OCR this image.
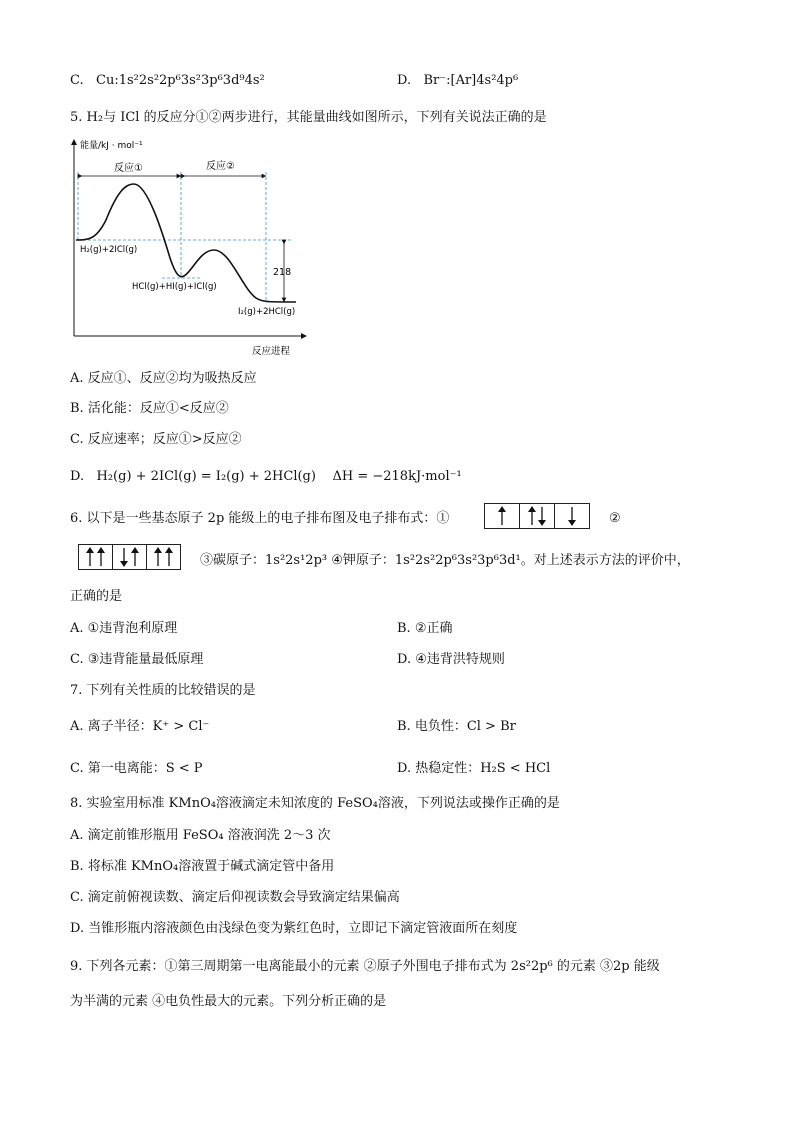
C. Cu:1s²2s²2p⁶3s²3p⁶3d⁹4s²	D. Br⁻:[Ar]4s²4p⁶
5. H₂与 ICl 的反应分①②两步进行，其能量曲线如图所示，下列有关说法正确的是
能量/kJ · mol⁻¹
反应进程
反应①	反应②
218
H₂(g)+2ICl(g)
HCl(g)+HI(g)+ICl(g)
I₂(g)+2HCl(g)
A. 反应①、反应②均为吸热反应
B. 活化能：反应①<反应②
C. 反应速率；反应①>反应②
D. H₂(g) + 2ICl(g) = I₂(g) + 2HCl(g) ΔH = −218kJ·mol⁻¹
6. 以下是一些基态原子 2p 能级上的电子排布图及电子排布式：①	②
③碳原子：1s²2s¹2p³ ④钾原子：1s²2s²2p⁶3s²3p⁶3d¹。对上述表示方法的评价中，
正确的是
A. ①违背泡利原理	B. ②正确
C. ③违背能量最低原理	D. ④违背洪特规则
7. 下列有关性质的比较错误的是
A. 离子半径：K⁺ > Cl⁻	B. 电负性：Cl > Br
C. 第一电离能：S < P	D. 热稳定性：H₂S < HCl
8. 实验室用标准 KMnO₄溶液滴定未知浓度的 FeSO₄溶液，下列说法或操作正确的是
A. 滴定前锥形瓶用 FeSO₄ 溶液润洗 2～3 次
B. 将标准 KMnO₄溶液置于碱式滴定管中备用
C. 滴定前俯视读数、滴定后仰视读数会导致滴定结果偏高
D. 当锥形瓶内溶液颜色由浅绿色变为紫红色时，立即记下滴定管液面所在刻度
9. 下列各元素：①第三周期第一电离能最小的元素 ②原子外围电子排布式为 2s²2p⁶ 的元素 ③2p 能级
为半满的元素 ④电负性最大的元素。下列分析正确的是
